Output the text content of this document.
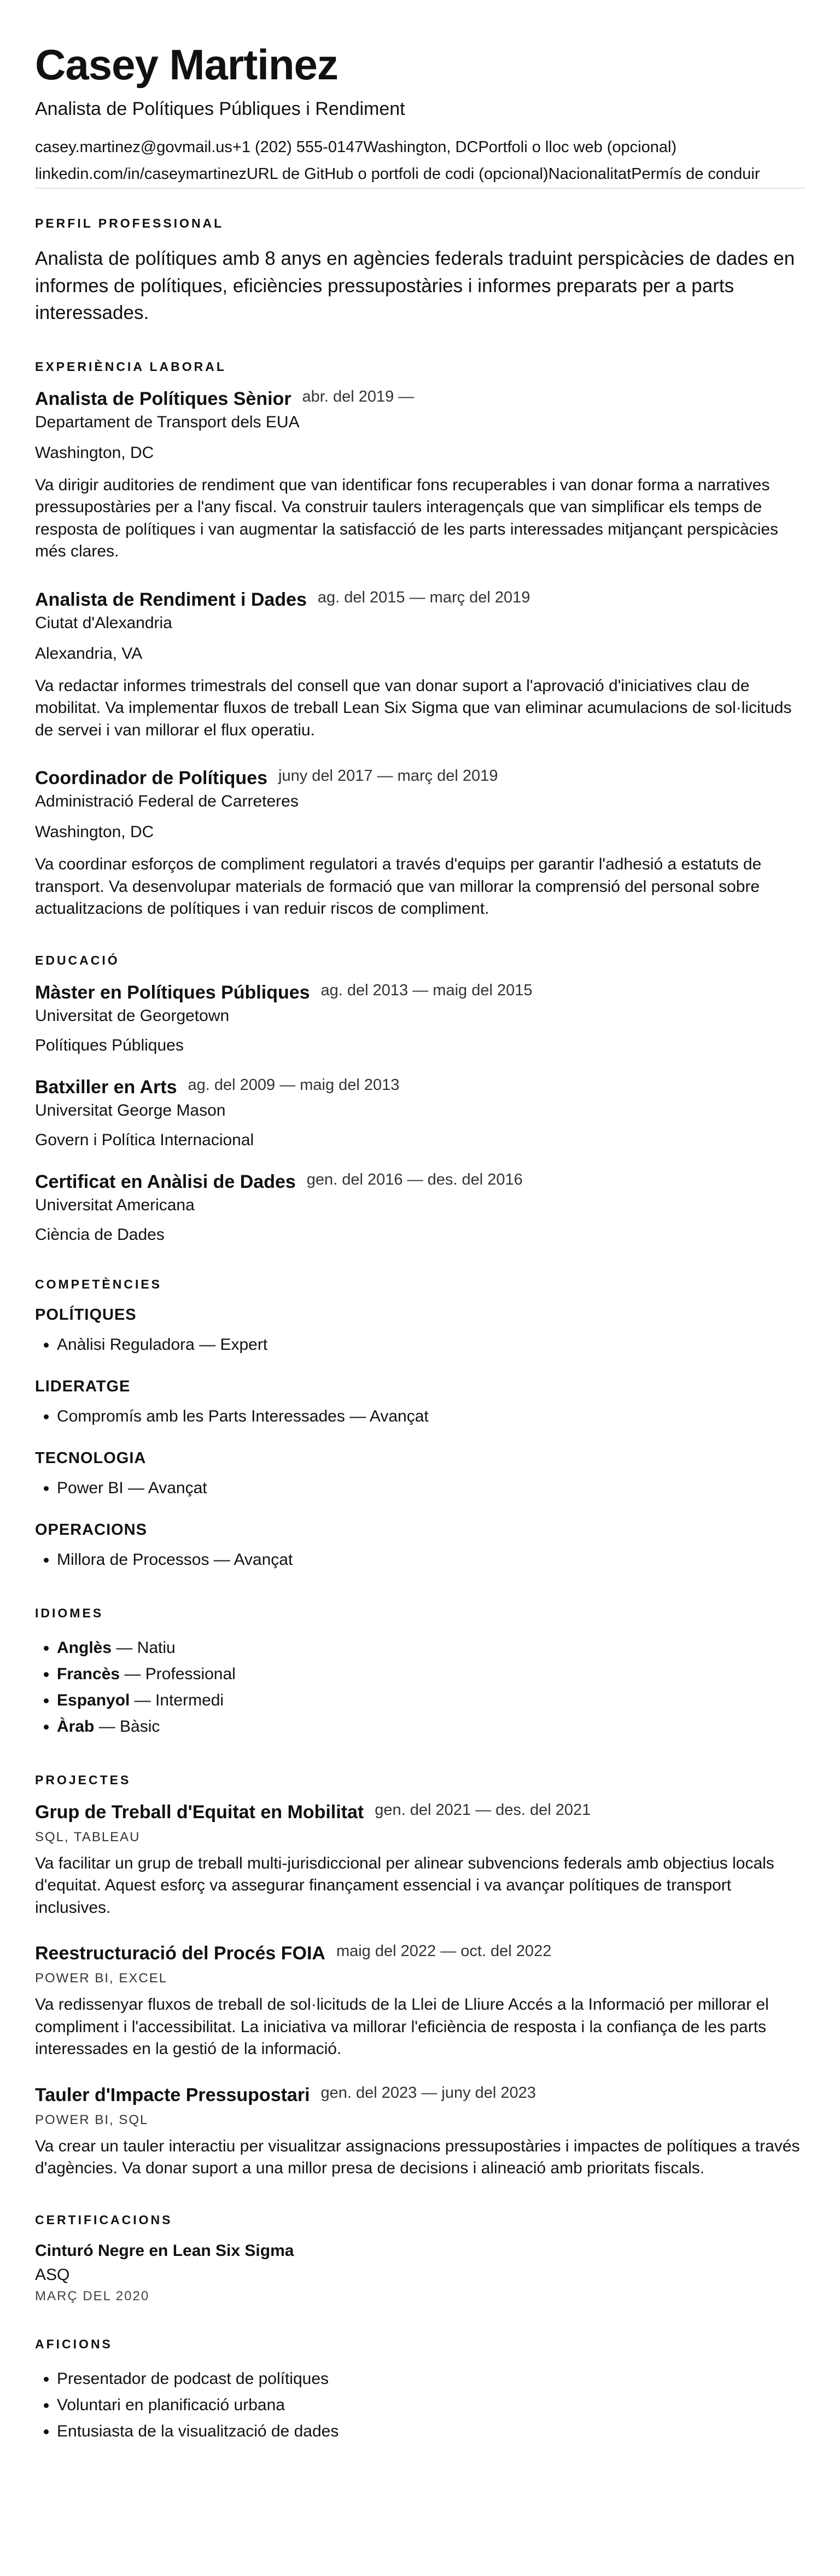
Casey Martinez
Analista de Polítiques Públiques i Rendiment
casey.martinez@govmail.us+1 (202) 555-0147Washington, DCPortfoli o lloc web (opcional)
linkedin.com/in/caseymartinezURL de GitHub o portfoli de codi (opcional)NacionalitatPermís de conduir
PERFIL PROFESSIONAL
Analista de polítiques amb 8 anys en agències federals traduint perspicàcies de dades en informes de polítiques, eficiències pressupostàries i informes preparats per a parts interessades.
EXPERIÈNCIA LABORAL
Analista de Polítiques Sènior abr. del 2019 —
Departament de Transport dels EUA
Washington, DC
Va dirigir auditories de rendiment que van identificar fons recuperables i van donar forma a narratives pressupostàries per a l'any fiscal. Va construir taulers interagençals que van simplificar els temps de resposta de polítiques i van augmentar la satisfacció de les parts interessades mitjançant perspicàcies més clares.
Analista de Rendiment i Dades ag. del 2015 — març del 2019
Ciutat d'Alexandria
Alexandria, VA
Va redactar informes trimestrals del consell que van donar suport a l'aprovació d'iniciatives clau de mobilitat. Va implementar fluxos de treball Lean Six Sigma que van eliminar acumulacions de sol·licituds de servei i van millorar el flux operatiu.
Coordinador de Polítiques juny del 2017 — març del 2019
Administració Federal de Carreteres
Washington, DC
Va coordinar esforços de compliment regulatori a través d'equips per garantir l'adhesió a estatuts de transport. Va desenvolupar materials de formació que van millorar la comprensió del personal sobre actualitzacions de polítiques i van reduir riscos de compliment.
EDUCACIÓ
Màster en Polítiques Públiques ag. del 2013 — maig del 2015
Universitat de Georgetown
Polítiques Públiques
Batxiller en Arts ag. del 2009 — maig del 2013
Universitat George Mason
Govern i Política Internacional
Certificat en Anàlisi de Dades gen. del 2016 — des. del 2016
Universitat Americana
Ciència de Dades
COMPETÈNCIES
POLÍTIQUES
• Anàlisi Reguladora — Expert
LIDERATGE
• Compromís amb les Parts Interessades — Avançat
TECNOLOGIA
• Power BI — Avançat
OPERACIONS
• Millora de Processos — Avançat
IDIOMES
• Anglès — Natiu
• Francès — Professional
• Espanyol — Intermedi
• Àrab — Bàsic
PROJECTES
Grup de Treball d'Equitat en Mobilitat gen. del 2021 — des. del 2021
SQL, TABLEAU
Va facilitar un grup de treball multi-jurisdiccional per alinear subvencions federals amb objectius locals d'equitat. Aquest esforç va assegurar finançament essencial i va avançar polítiques de transport inclusives.
Reestructuració del Procés FOIA maig del 2022 — oct. del 2022
POWER BI, EXCEL
Va redissenyar fluxos de treball de sol·licituds de la Llei de Lliure Accés a la Informació per millorar el compliment i l'accessibilitat. La iniciativa va millorar l'eficiència de resposta i la confiança de les parts interessades en la gestió de la informació.
Tauler d'Impacte Pressupostari gen. del 2023 — juny del 2023
POWER BI, SQL
Va crear un tauler interactiu per visualitzar assignacions pressupostàries i impactes de polítiques a través d'agències. Va donar suport a una millor presa de decisions i alineació amb prioritats fiscals.
CERTIFICACIONS
Cinturó Negre en Lean Six Sigma
ASQ
MARÇ DEL 2020
AFICIONS
• Presentador de podcast de polítiques
• Voluntari en planificació urbana
• Entusiasta de la visualització de dades
